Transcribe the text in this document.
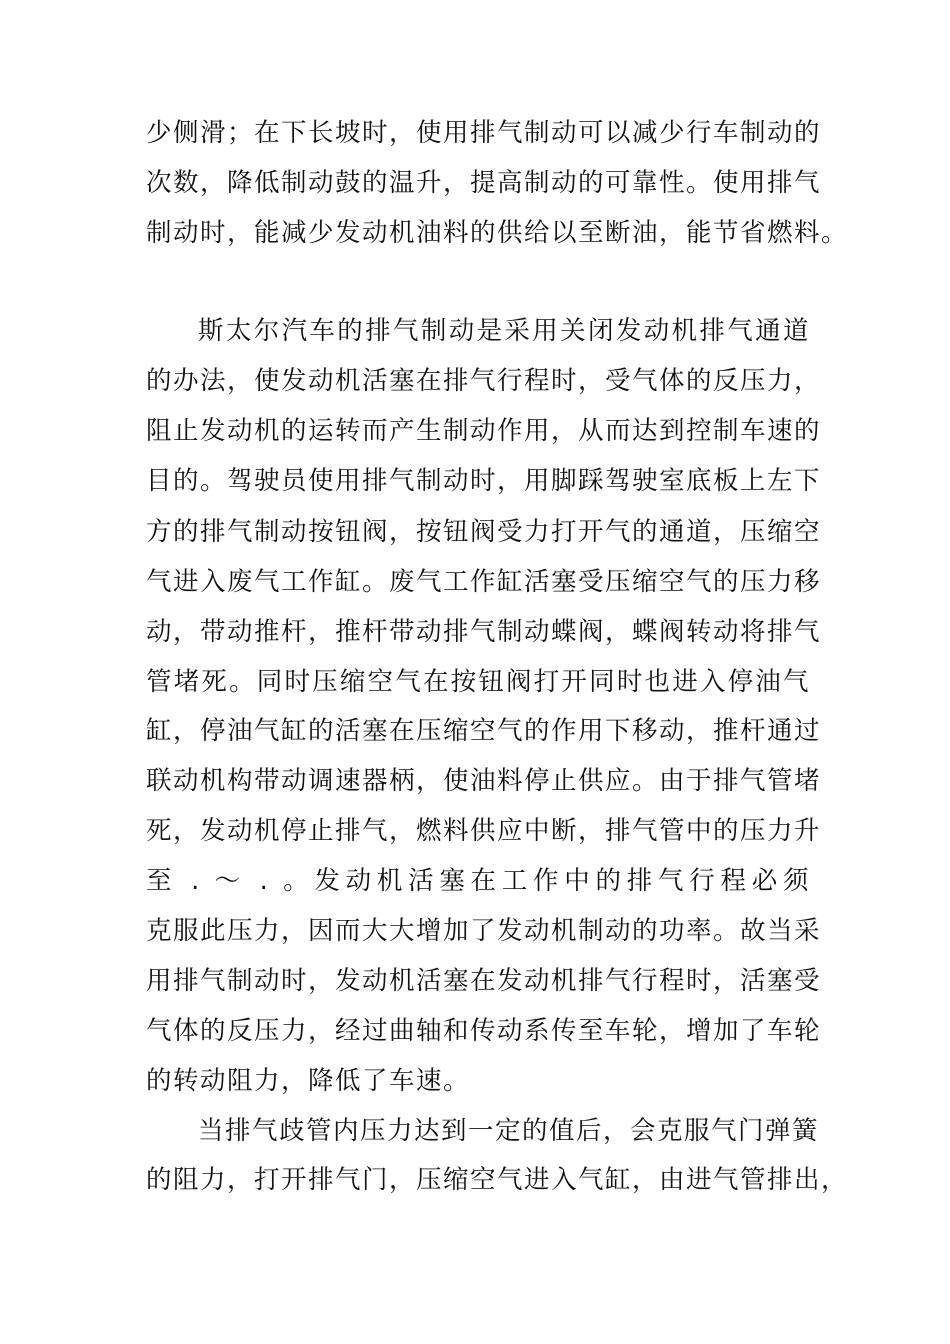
少侧滑；在下长坡时，使用排气制动可以减少行车制动的
次数，降低制动鼓的温升，提高制动的可靠性。使用排气
制动时，能减少发动机油料的供给以至断油，能节省燃料。
斯太尔汽车的排气制动是采用关闭发动机排气通道
的办法，使发动机活塞在排气行程时，受气体的反压力，
阻止发动机的运转而产生制动作用，从而达到控制车速的
目的。驾驶员使用排气制动时，用脚踩驾驶室底板上左下
方的排气制动按钮阀，按钮阀受力打开气的通道，压缩空
气进入废气工作缸。废气工作缸活塞受压缩空气的压力移
动，带动推杆，推杆带动排气制动蝶阀，蝶阀转动将排气
管堵死。同时压缩空气在按钮阀打开同时也进入停油气
缸，停油气缸的活塞在压缩空气的作用下移动，推杆通过
联动机构带动调速器柄，使油料停止供应。由于排气管堵
死，发动机停止排气，燃料供应中断，排气管中的压力升
至 . ～ . 。发动机活塞在工作中的排气行程必须
克服此压力，因而大大增加了发动机制动的功率。故当采
用排气制动时，发动机活塞在发动机排气行程时，活塞受
气体的反压力，经过曲轴和传动系传至车轮，增加了车轮
的转动阻力，降低了车速。
当排气歧管内压力达到一定的值后，会克服气门弹簧
的阻力，打开排气门，压缩空气进入气缸，由进气管排出，
